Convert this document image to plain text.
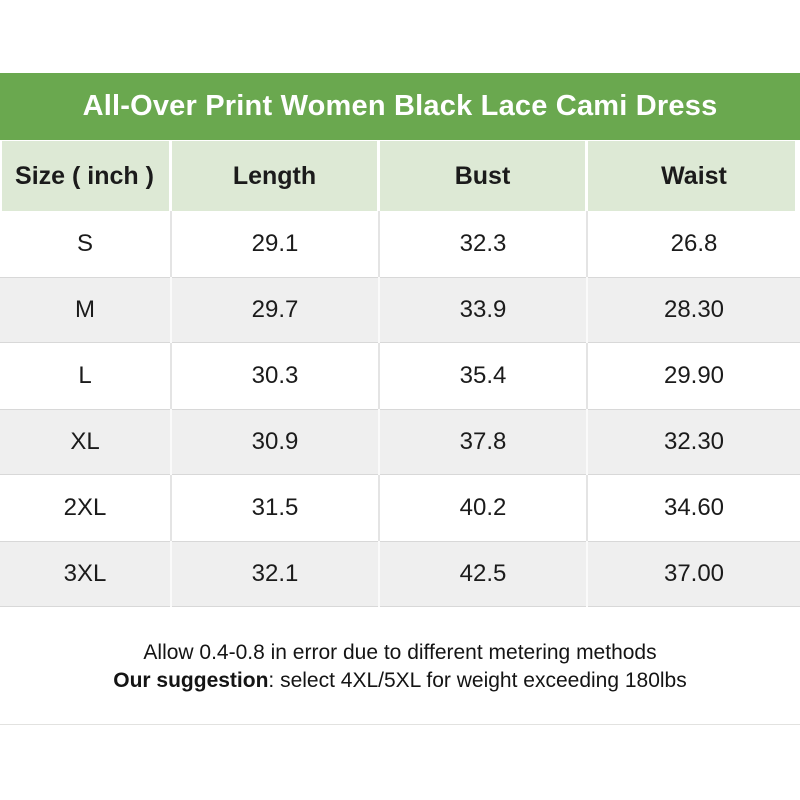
All-Over Print Women Black Lace Cami Dress
Size ( inch )	Length	Bust	Waist
S	29.1	32.3	26.8
M	29.7	33.9	28.30
L	30.3	35.4	29.90
XL	30.9	37.8	32.30
2XL	31.5	40.2	34.60
3XL	32.1	42.5	37.00

Allow 0.4-0.8 in error due to different metering methods

Our suggestion: select 4XL/5XL for weight exceeding 180lbs
